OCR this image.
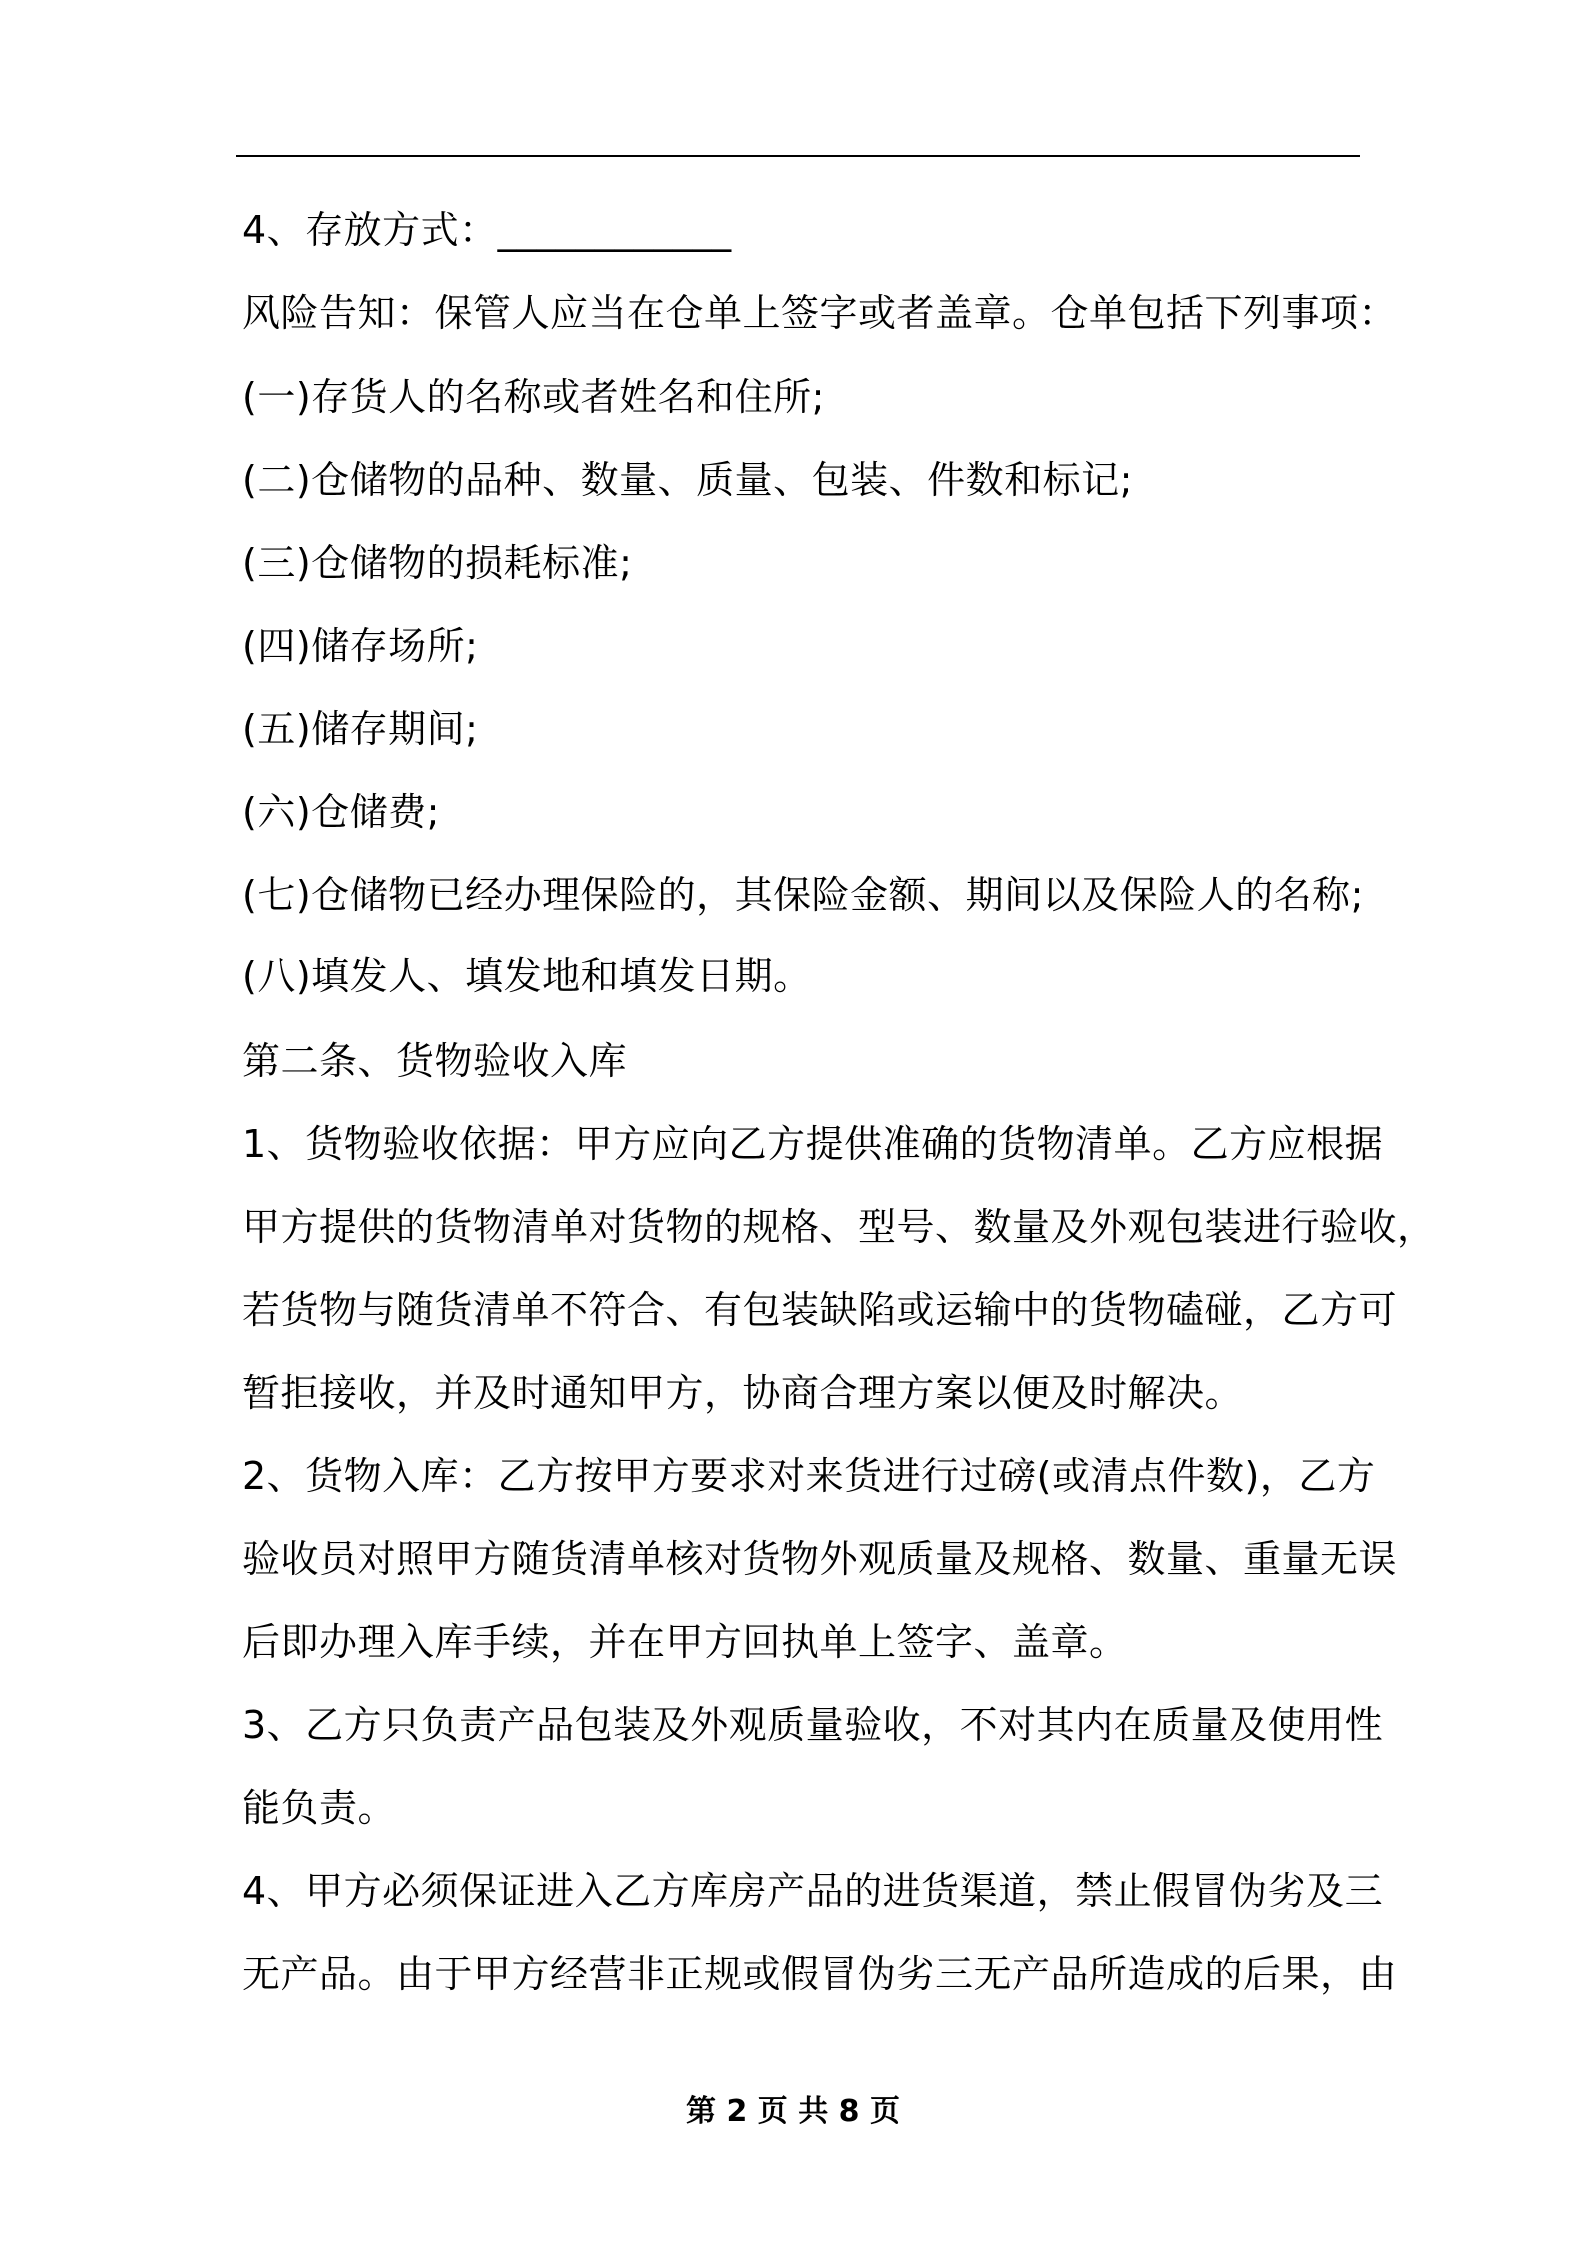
4、存放方式：____________
风险告知：保管人应当在仓单上签字或者盖章。仓单包括下列事项：
(一)存货人的名称或者姓名和住所;
(二)仓储物的品种、数量、质量、包装、件数和标记;
(三)仓储物的损耗标准;
(四)储存场所;
(五)储存期间;
(六)仓储费;
(七)仓储物已经办理保险的，其保险金额、期间以及保险人的名称;
(八)填发人、填发地和填发日期。
第二条、货物验收入库
1、货物验收依据：甲方应向乙方提供准确的货物清单。乙方应根据
甲方提供的货物清单对货物的规格、型号、数量及外观包装进行验收，
若货物与随货清单不符合、有包装缺陷或运输中的货物磕碰，乙方可
暂拒接收，并及时通知甲方，协商合理方案以便及时解决。
2、货物入库：乙方按甲方要求对来货进行过磅(或清点件数)，乙方
验收员对照甲方随货清单核对货物外观质量及规格、数量、重量无误
后即办理入库手续，并在甲方回执单上签字、盖章。
3、乙方只负责产品包装及外观质量验收，不对其内在质量及使用性
能负责。
4、甲方必须保证进入乙方库房产品的进货渠道，禁止假冒伪劣及三
无产品。由于甲方经营非正规或假冒伪劣三无产品所造成的后果，由
第 2 页 共 8 页
